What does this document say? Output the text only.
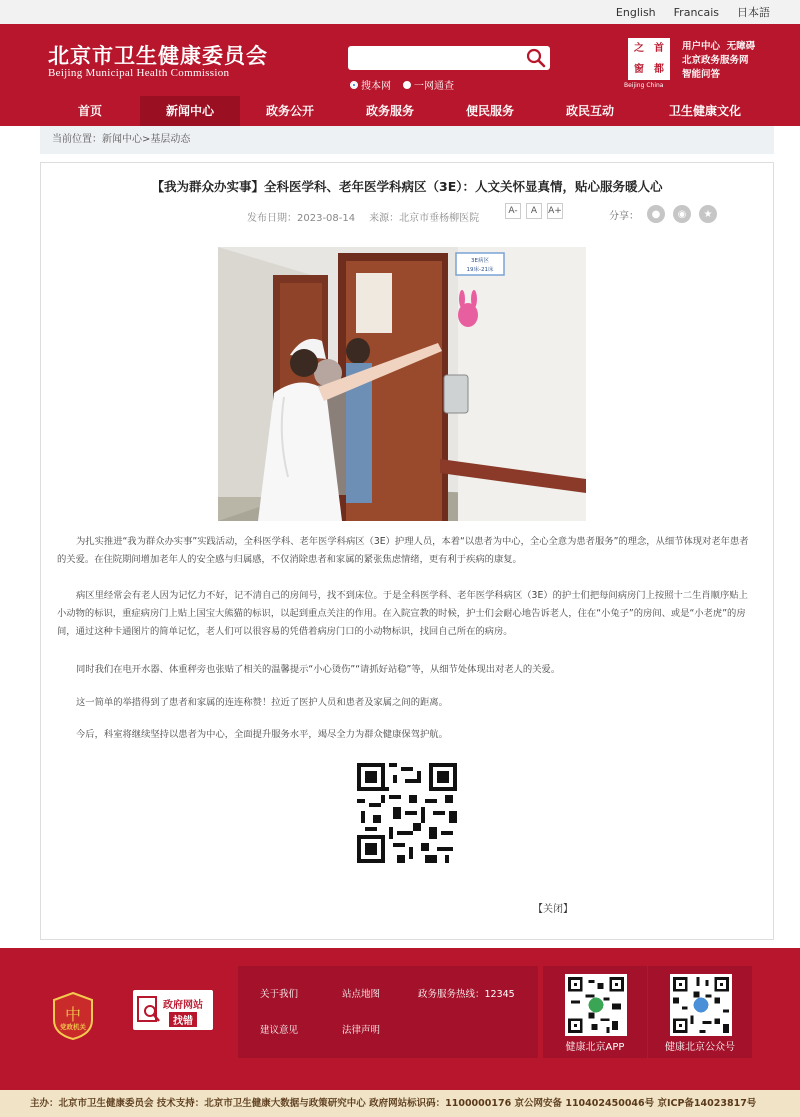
English Francais 日本語
北京市卫生健康委员会
Beijing Municipal Health Commission
搜本网 一网通查
之	首
窗	都
Beijing China
用户中心 无障碍
北京政务服务网
智能问答
首页	新闻中心	政务公开	政务服务	便民服务	政民互动	卫生健康文化
当前位置：新闻中心>基层动态
【我为群众办实事】全科医学科、老年医学科病区（3E）：人文关怀显真情，贴心服务暖人心
发布日期：2023-08-14 来源：北京市垂杨柳医院
A-	A	A+	分享：	●	◉	★
3E病区
19床-21床

为扎实推进“我为群众办实事”实践活动，全科医学科、老年医学科病区（3E）护理人员，本着“以患者为中心，全心全意为患者服务”的理念，从细节体现对老年患者的关爱。在住院期间增加老年人的安全感与归属感，不仅消除患者和家属的紧张焦虑情绪，更有利于疾病的康复。

病区里经常会有老人因为记忆力不好，记不清自己的房间号，找不到床位。于是全科医学科、老年医学科病区（3E）的护士们把每间病房门上按照十二生肖顺序贴上小动物的标识，重症病房门上贴上国宝大熊猫的标识，以起到重点关注的作用。在入院宣教的时候，护士们会耐心地告诉老人，住在“小兔子”的房间、或是“小老虎”的房间，通过这种卡通图片的简单记忆，老人们可以很容易的凭借着病房门口的小动物标识，找回自己所在的病房。

同时我们在电开水器、体重秤旁也张贴了相关的温馨提示“小心烫伤”“请抓好站稳”等，从细节处体现出对老人的关爱。

这一简单的举措得到了患者和家属的连连称赞！拉近了医护人员和患者及家属之间的距离。

今后，科室将继续坚持以患者为中心，全面提升服务水平，竭尽全力为群众健康保驾护航。

【关闭】
中
党政机关
政府网站
找错
关于我们	站点地图	政务服务热线：12345
建议意见	法律声明
健康北京APP	健康北京公众号
主办：北京市卫生健康委员会 技术支持：北京市卫生健康大数据与政策研究中心 政府网站标识码：1100000176 京公网安备 11040245004​6号 京ICP备14023817号
